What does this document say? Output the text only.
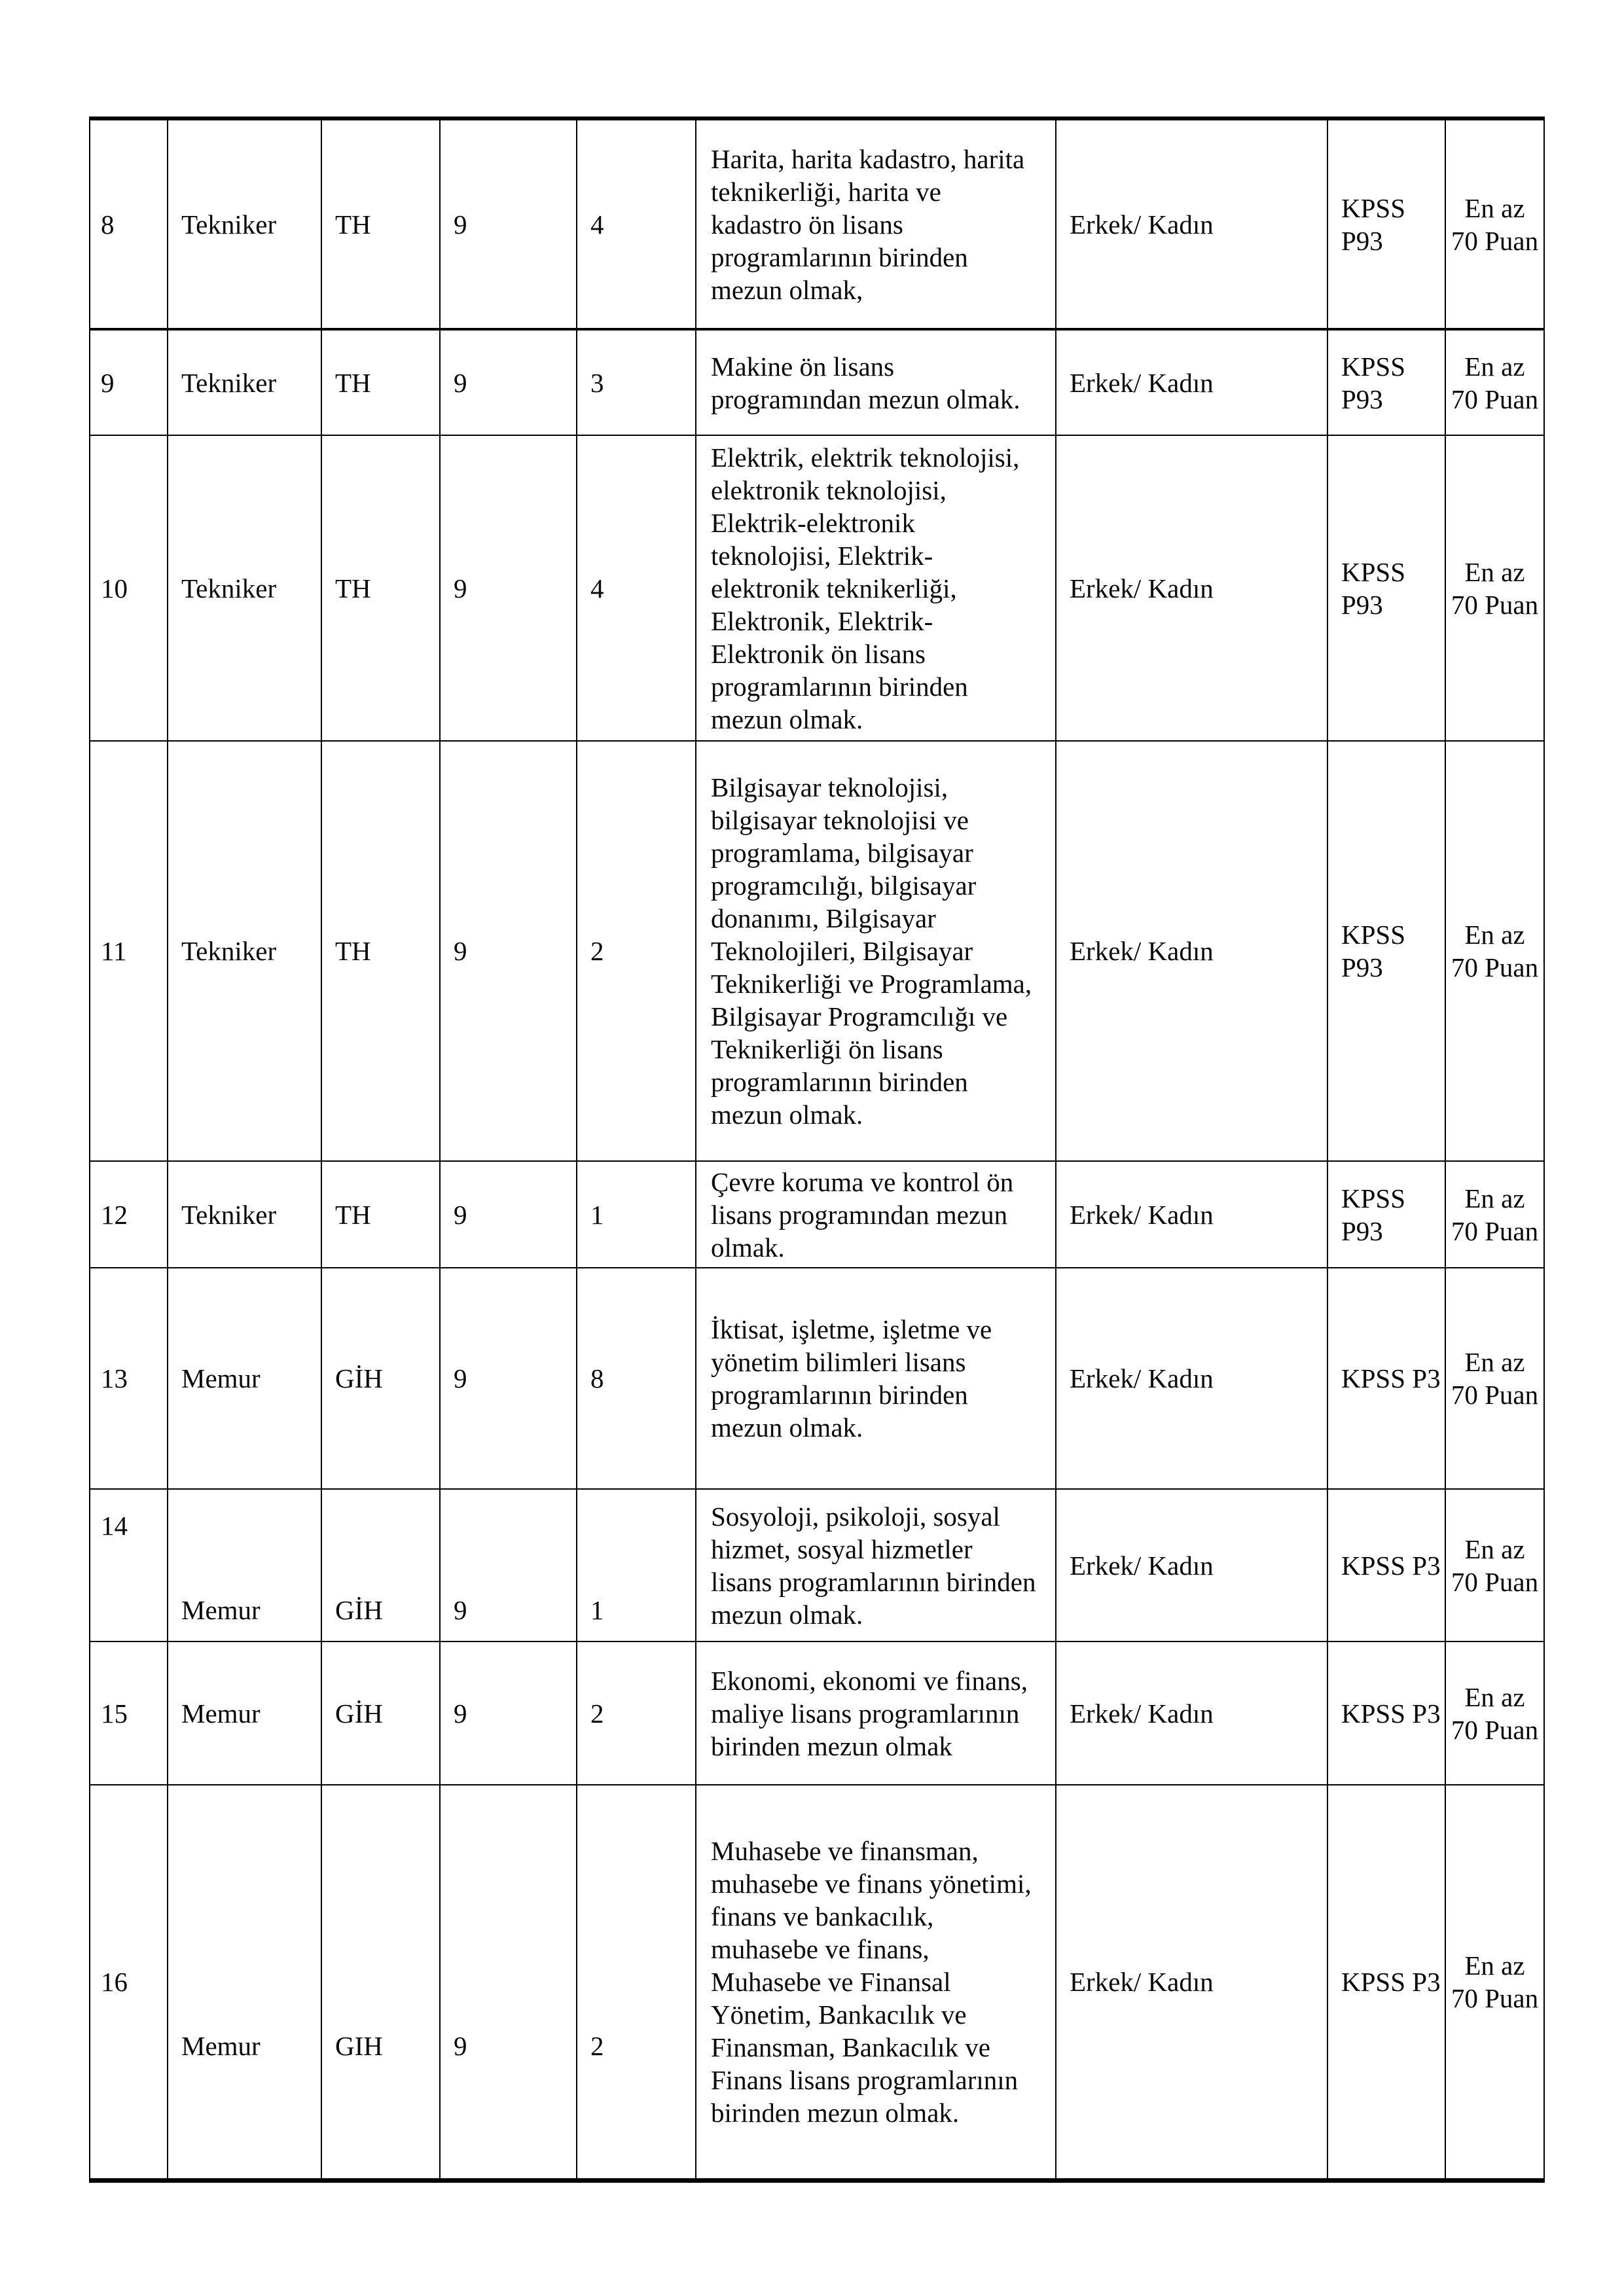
8	Tekniker	TH	9	4	Harita, harita kadastro, harita teknikerliği, harita ve kadastro ön lisans programlarının birinden mezun olmak,	Erkek/ Kadın	KPSS P93	En az 70 Puan
9	Tekniker	TH	9	3	Makine ön lisans programından mezun olmak.	Erkek/ Kadın	KPSS P93	En az 70 Puan
10	Tekniker	TH	9	4	Elektrik, elektrik teknolojisi, elektronik teknolojisi, Elektrik-elektronik teknolojisi, Elektrik-elektronik teknikerliği, Elektronik, Elektrik-Elektronik ön lisans programlarının birinden mezun olmak.	Erkek/ Kadın	KPSS P93	En az 70 Puan
11	Tekniker	TH	9	2	Bilgisayar teknolojisi, bilgisayar teknolojisi ve programlama, bilgisayar programcılığı, bilgisayar donanımı, Bilgisayar Teknolojileri, Bilgisayar Teknikerliği ve Programlama, Bilgisayar Programcılığı ve Teknikerliği ön lisans programlarının birinden mezun olmak.	Erkek/ Kadın	KPSS P93	En az 70 Puan
12	Tekniker	TH	9	1	Çevre koruma ve kontrol ön lisans programından mezun olmak.	Erkek/ Kadın	KPSS P93	En az 70 Puan
13	Memur	GİH	9	8	İktisat, işletme, işletme ve yönetim bilimleri lisans programlarının birinden mezun olmak.	Erkek/ Kadın	KPSS P3	En az 70 Puan
14	Memur	GİH	9	1	Sosyoloji, psikoloji, sosyal hizmet, sosyal hizmetler lisans programlarının birinden mezun olmak.	Erkek/ Kadın	KPSS P3	En az 70 Puan
15	Memur	GİH	9	2	Ekonomi, ekonomi ve finans, maliye lisans programlarının birinden mezun olmak	Erkek/ Kadın	KPSS P3	En az 70 Puan
16	Memur	GIH	9	2	Muhasebe ve finansman, muhasebe ve finans yönetimi, finans ve bankacılık, muhasebe ve finans, Muhasebe ve Finansal Yönetim, Bankacılık ve Finansman, Bankacılık ve Finans lisans programlarının birinden mezun olmak.	Erkek/ Kadın	KPSS P3	En az 70 Puan
